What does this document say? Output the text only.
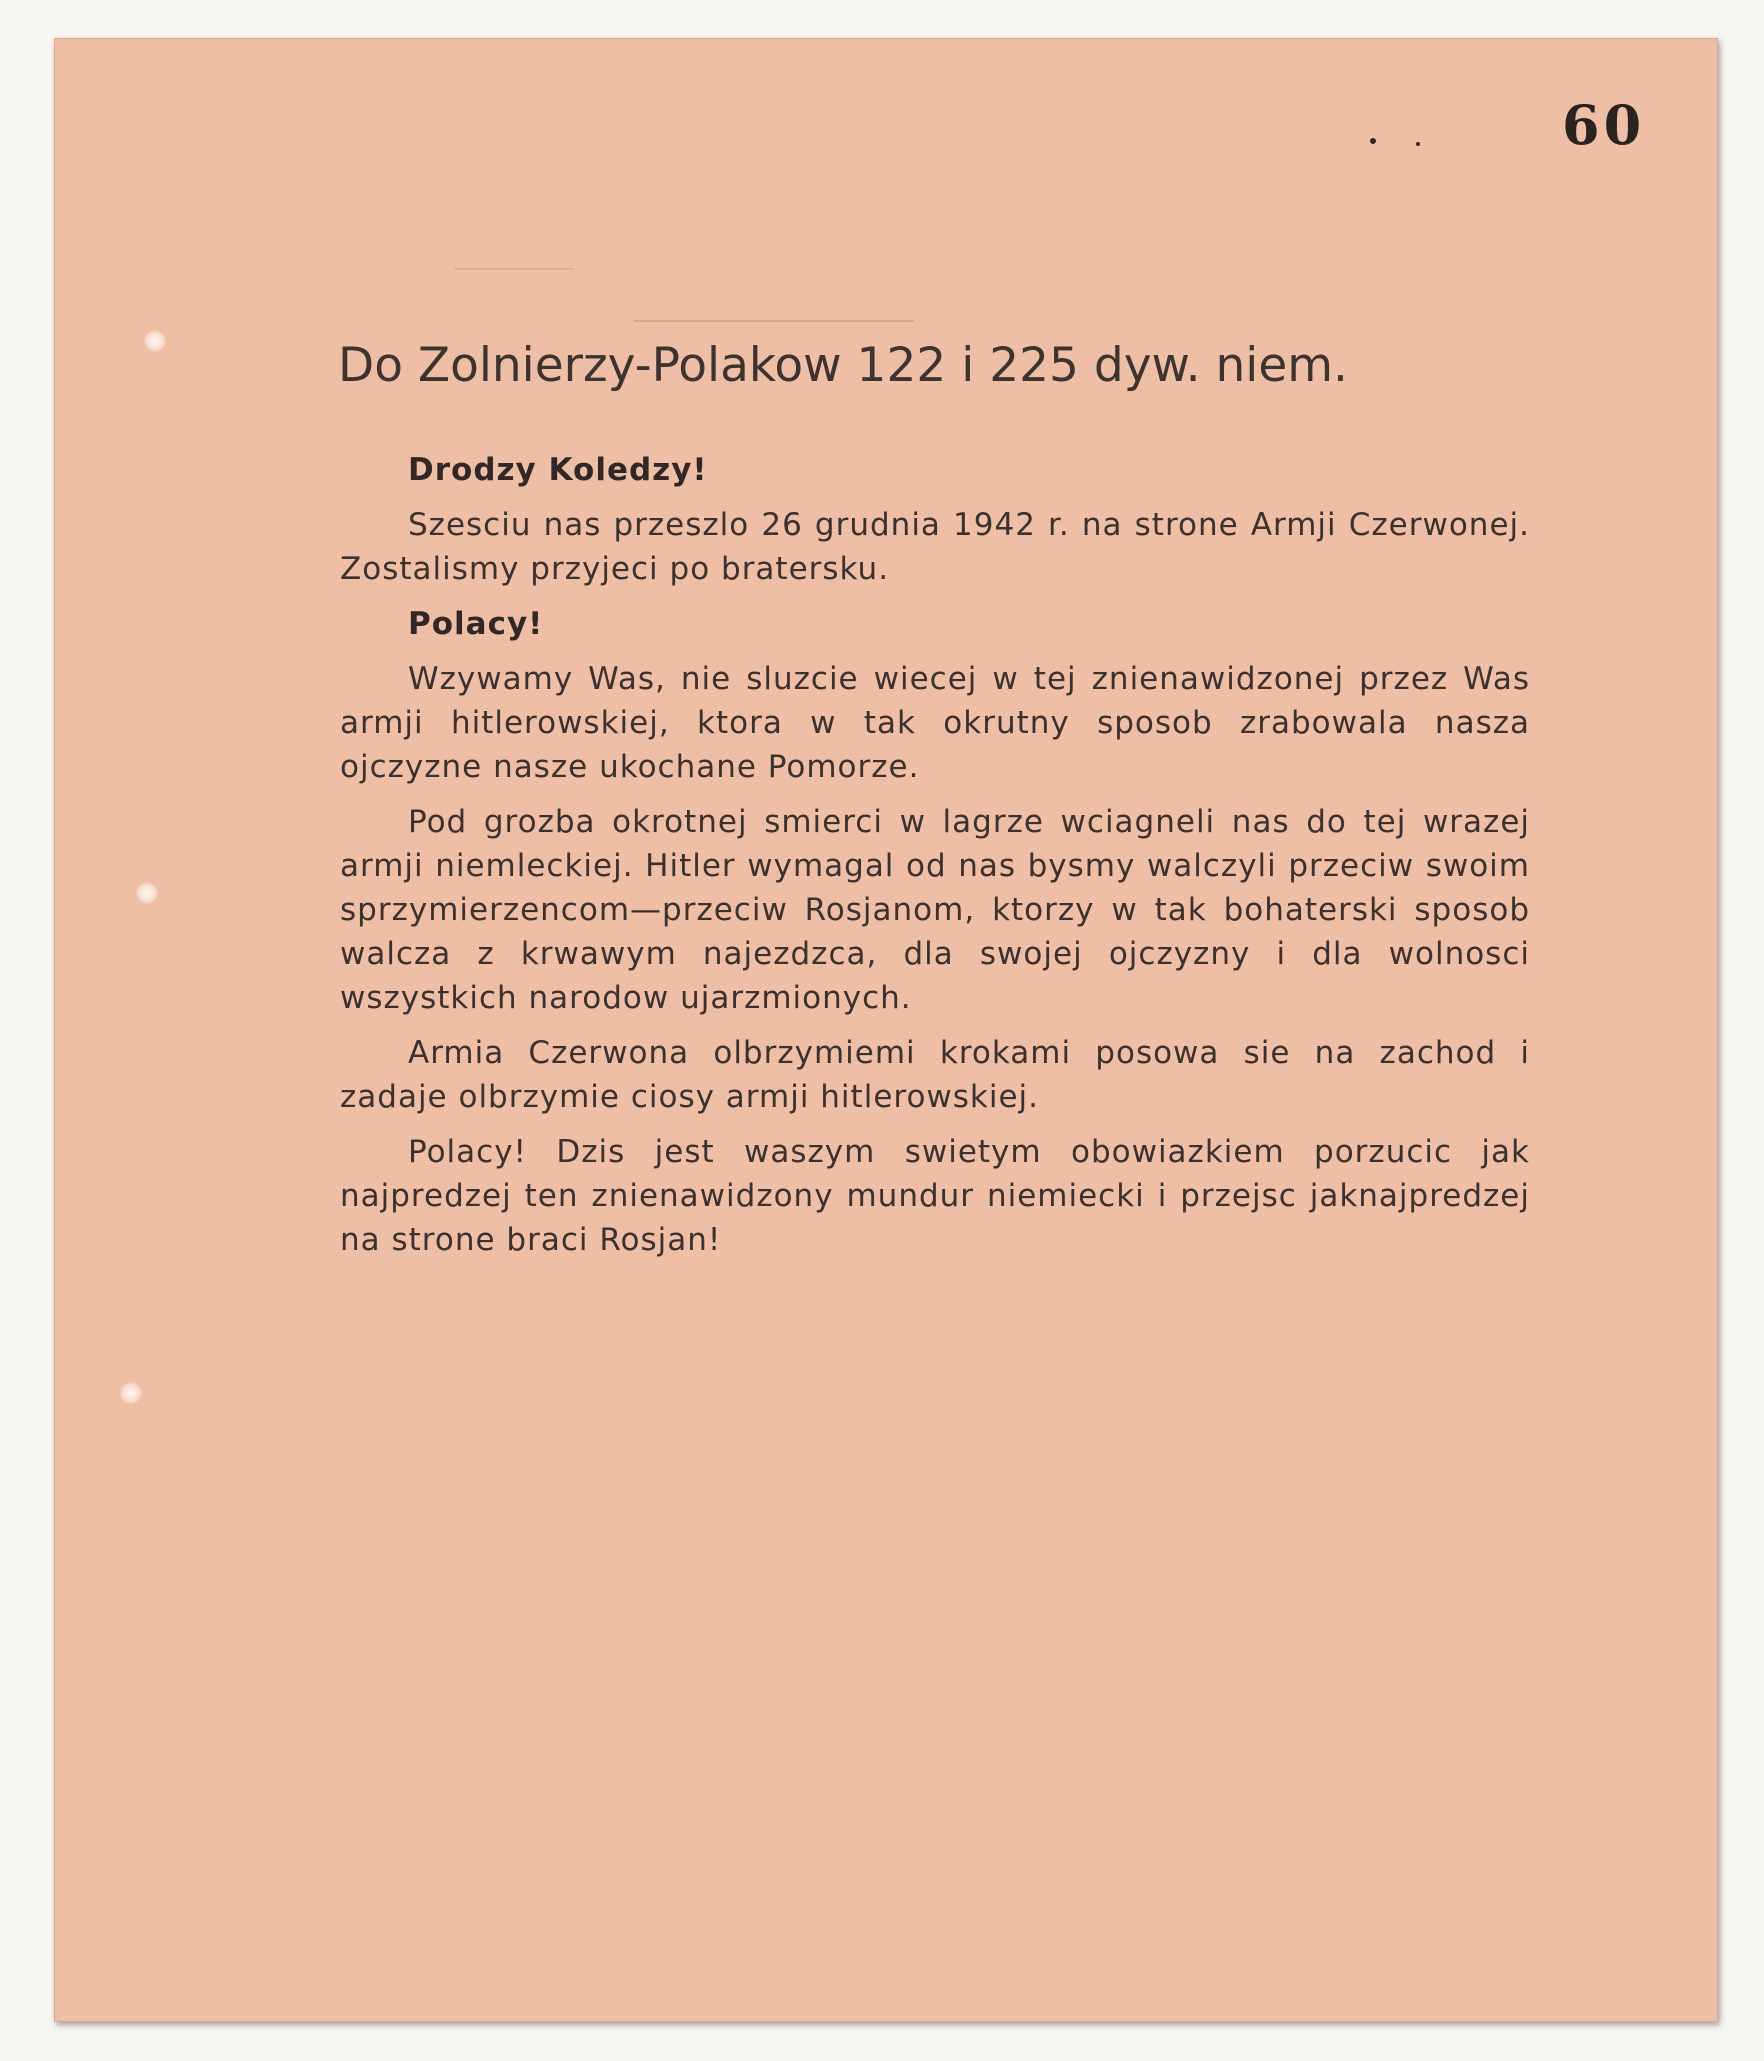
60
Do Zolnierzy-Polakow 122 i 225 dyw. niem.

Drodzy Koledzy!

Szesciu nas przeszlo 26 grudnia 1942 r. na strone Armji Czerwonej. Zostalismy przyjeci po bratersku.

Polacy!

Wzywamy Was, nie sluzcie wiecej w tej znienawidzonej przez Was armji hitlerowskiej, ktora w tak okrutny sposob zrabowala nasza ojczyzne nasze ukochane Pomorze.

Pod grozba okrotnej smierci w lagrze wciagneli nas do tej wrazej armji niemleckiej. Hitler wymagal od nas bysmy walczyli przeciw swoim sprzymierzencom—przeciw Rosjanom, ktorzy w tak bohaterski sposob walcza z krwawym najezdzca, dla swojej ojczyzny i dla wolnosci wszystkich narodow ujarzmionych.

Armia Czerwona olbrzymiemi krokami posowa sie na zachod i zadaje olbrzymie ciosy armji hitlerowskiej.

Polacy! Dzis jest waszym swietym obowiazkiem porzucic jak najpredzej ten znienawidzony mundur niemiecki i przejsc jaknajpredzej na strone braci Rosjan!
